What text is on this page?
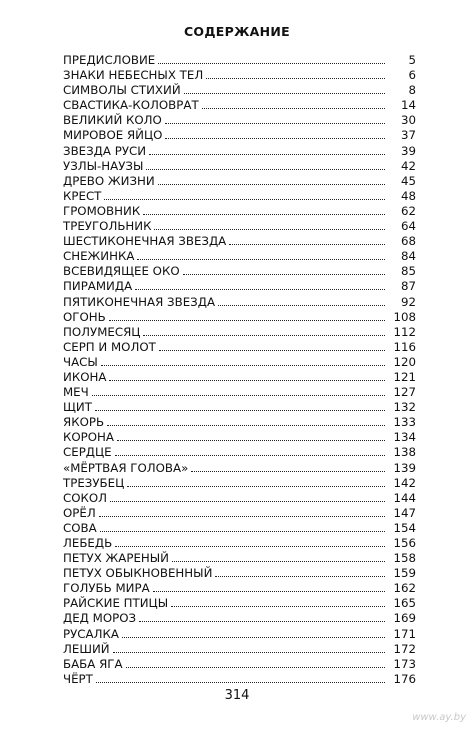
СОДЕРЖАНИЕ
ПРЕДИСЛОВИЕ	5
ЗНАКИ НЕБЕСНЫХ ТЕЛ	6
СИМВОЛЫ СТИХИЙ	8
СВАСТИКА-КОЛОВРАТ	14
ВЕЛИКИЙ КОЛО	30
МИРОВОЕ ЯЙЦО	37
ЗВЕЗДА РУСИ	39
УЗЛЫ-НАУЗЫ	42
ДРЕВО ЖИЗНИ	45
КРЕСТ	48
ГРОМОВНИК	62
ТРЕУГОЛЬНИК	64
ШЕСТИКОНЕЧНАЯ ЗВЕЗДА	68
СНЕЖИНКА	84
ВСЕВИДЯЩЕЕ ОКО	85
ПИРАМИДА	87
ПЯТИКОНЕЧНАЯ ЗВЕЗДА	92
ОГОНЬ	108
ПОЛУМЕСЯЦ	112
СЕРП И МОЛОТ	116
ЧАСЫ	120
ИКОНА	121
МЕЧ	127
ЩИТ	132
ЯКОРЬ	133
КОРОНА	134
СЕРДЦЕ	138
«МЁРТВАЯ ГОЛОВА»	139
ТРЕЗУБЕЦ	142
СОКОЛ	144
ОРЁЛ	147
СОВА	154
ЛЕБЕДЬ	156
ПЕТУХ ЖАРЕНЫЙ	158
ПЕТУХ ОБЫКНОВЕННЫЙ	159
ГОЛУБЬ МИРА	162
РАЙСКИЕ ПТИЦЫ	165
ДЕД МОРОЗ	169
РУСАЛКА	171
ЛЕШИЙ	172
БАБА ЯГА	173
ЧЁРТ	176
314
www.ay.by
